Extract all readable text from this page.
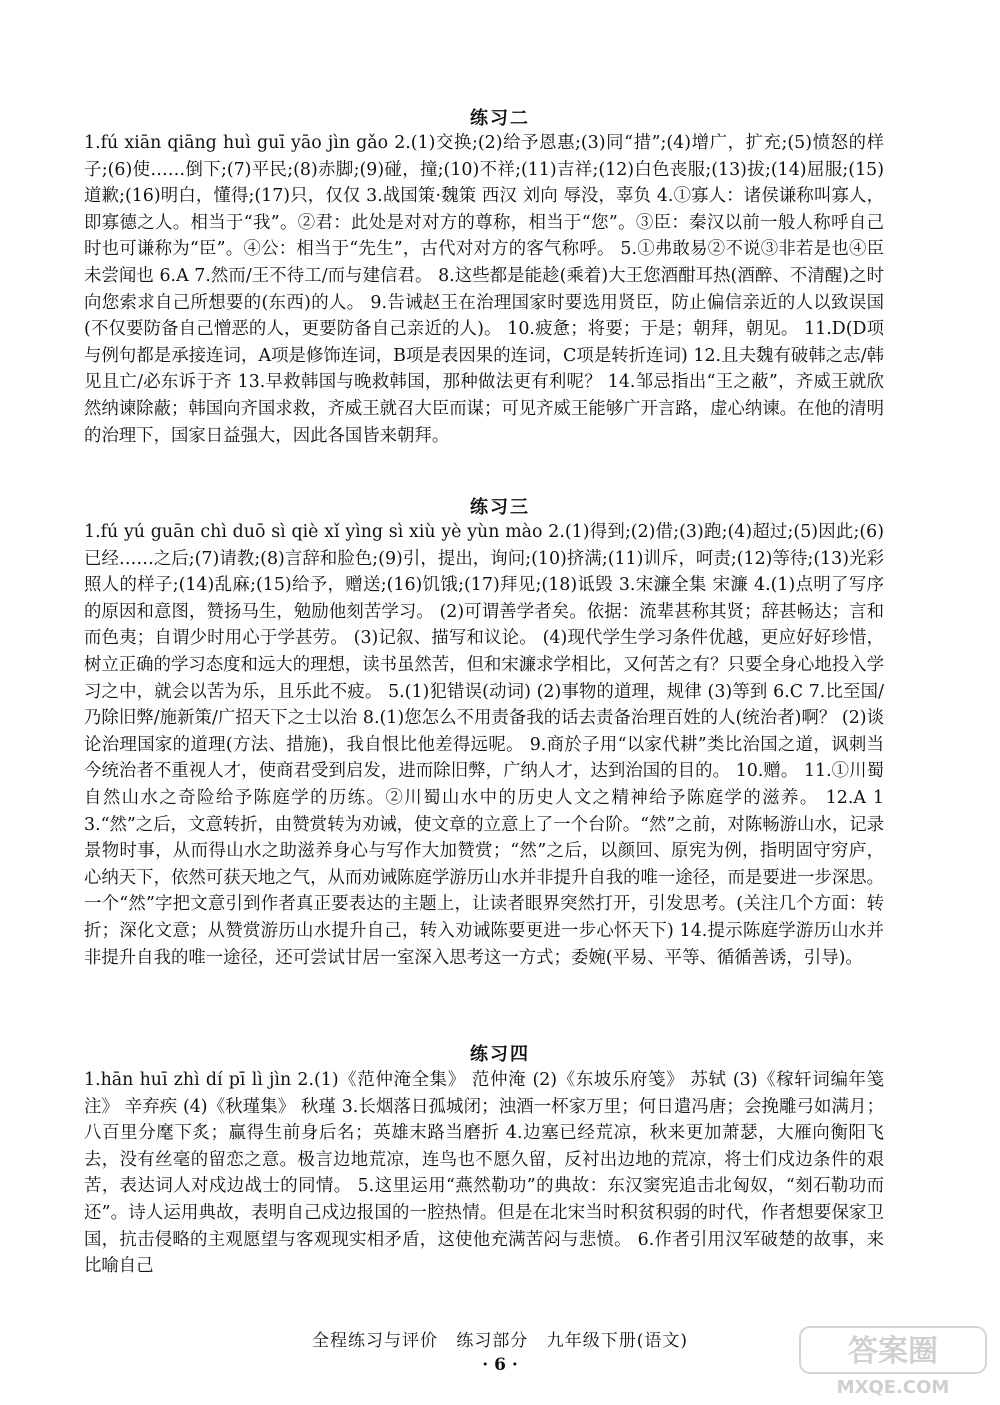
练习二

1.fú xiān qiāng huì guī yāo jìn gǎo 2.(1)交换;(2)给予恩惠;(3)同“措”;(4)增广，扩充;(5)愤怒的样子;(6)使……倒下;(7)平民;(8)赤脚;(9)碰，撞;(10)不祥;(11)吉祥;(12)白色丧服;(13)拔;(14)屈服;(15)道歉;(16)明白，懂得;(17)只，仅仅 3.战国策·魏策 西汉 刘向 辱没，辜负 4.①寡人：诸侯谦称叫寡人，即寡德之人。相当于“我”。②君：此处是对对方的尊称，相当于“您”。③臣：秦汉以前一般人称呼自己时也可谦称为“臣”。④公：相当于“先生”，古代对对方的客气称呼。 5.①弗敢易②不说③非若是也④臣未尝闻也 6.A 7.然而/王不待工/而与建信君。 8.这些都是能趁(乘着)大王您酒酣耳热(酒醉、不清醒)之时向您索求自己所想要的(东西)的人。 9.告诫赵王在治理国家时要选用贤臣，防止偏信亲近的人以致误国(不仅要防备自己憎恶的人，更要防备自己亲近的人)。 10.疲惫；将要；于是；朝拜，朝见。 11.D(D项与例句都是承接连词，A项是修饰连词，B项是表因果的连词，C项是转折连词) 12.且夫魏有破韩之志/韩见且亡/必东诉于齐 13.早救韩国与晚救韩国，那种做法更有利呢？ 14.邹忌指出“王之蔽”，齐威王就欣然纳谏除蔽；韩国向齐国求救，齐威王就召大臣而谋；可见齐威王能够广开言路，虚心纳谏。在他的清明的治理下，国家日益强大，因此各国皆来朝拜。

练习三

1.fú yú guān chì duō sì qiè xǐ yìng sì xiù yè yùn mào 2.(1)得到;(2)借;(3)跑;(4)超过;(5)因此;(6)已经……之后;(7)请教;(8)言辞和脸色;(9)引，提出，询问;(10)挤满;(11)训斥，呵责;(12)等待;(13)光彩照人的样子;(14)乱麻;(15)给予，赠送;(16)饥饿;(17)拜见;(18)诋毁 3.宋濂全集 宋濂 4.(1)点明了写序的原因和意图，赞扬马生，勉励他刻苦学习。 (2)可谓善学者矣。依据：流辈甚称其贤；辞甚畅达；言和而色夷；自谓少时用心于学甚劳。 (3)记叙、描写和议论。 (4)现代学生学习条件优越，更应好好珍惜，树立正确的学习态度和远大的理想，读书虽然苦，但和宋濂求学相比，又何苦之有？只要全身心地投入学习之中，就会以苦为乐，且乐此不疲。 5.(1)犯错误(动词) (2)事物的道理，规律 (3)等到 6.C 7.比至国/乃除旧弊/施新策/广招天下之士以治 8.(1)您怎么不用责备我的话去责备治理百姓的人(统治者)啊？ (2)谈论治理国家的道理(方法、措施)，我自恨比他差得远呢。 9.商於子用“以家代耕”类比治国之道，讽刺当今统治者不重视人才，使商君受到启发，进而除旧弊，广纳人才，达到治国的目的。 10.赠。 11.①川蜀自然山水之奇险给予陈庭学的历练。②川蜀山水中的历史人文之精神给予陈庭学的滋养。 12.A 13.“然”之后，文意转折，由赞赏转为劝诫，使文章的立意上了一个台阶。“然”之前，对陈畅游山水，记录景物时事，从而得山水之助滋养身心与写作大加赞赏；“然”之后，以颜回、原宪为例，指明固守穷庐，心纳天下，依然可获天地之气，从而劝诫陈庭学游历山水并非提升自我的唯一途径，而是要进一步深思。一个“然”字把文意引到作者真正要表达的主题上，让读者眼界突然打开，引发思考。(关注几个方面：转折；深化文意；从赞赏游历山水提升自己，转入劝诫陈要更进一步心怀天下) 14.提示陈庭学游历山水并非提升自我的唯一途径，还可尝试甘居一室深入思考这一方式；委婉(平易、平等、循循善诱，引导)。

练习四

1.hān huī zhì dí pī lì jìn 2.(1)《范仲淹全集》 范仲淹 (2)《东坡乐府笺》 苏轼 (3)《稼轩词编年笺注》 辛弃疾 (4)《秋瑾集》 秋瑾 3.长烟落日孤城闭；浊酒一杯家万里；何日遣冯唐；会挽雕弓如满月；八百里分麾下炙；赢得生前身后名；英雄末路当磨折 4.边塞已经荒凉，秋来更加萧瑟，大雁向衡阳飞去，没有丝毫的留恋之意。极言边地荒凉，连鸟也不愿久留，反衬出边地的荒凉，将士们戍边条件的艰苦，表达词人对戍边战士的同情。 5.这里运用“燕然勒功”的典故：东汉窦宪追击北匈奴，“刻石勒功而还”。诗人运用典故，表明自己戍边报国的一腔热情。但是在北宋当时积贫积弱的时代，作者想要保家卫国，抗击侵略的主观愿望与客观现实相矛盾，这使他充满苦闷与悲愤。 6.作者引用汉军破楚的故事，来比喻自己

全程练习与评价 练习部分 九年级下册(语文)
· 6 ·	答案圈
MXQE.COM
